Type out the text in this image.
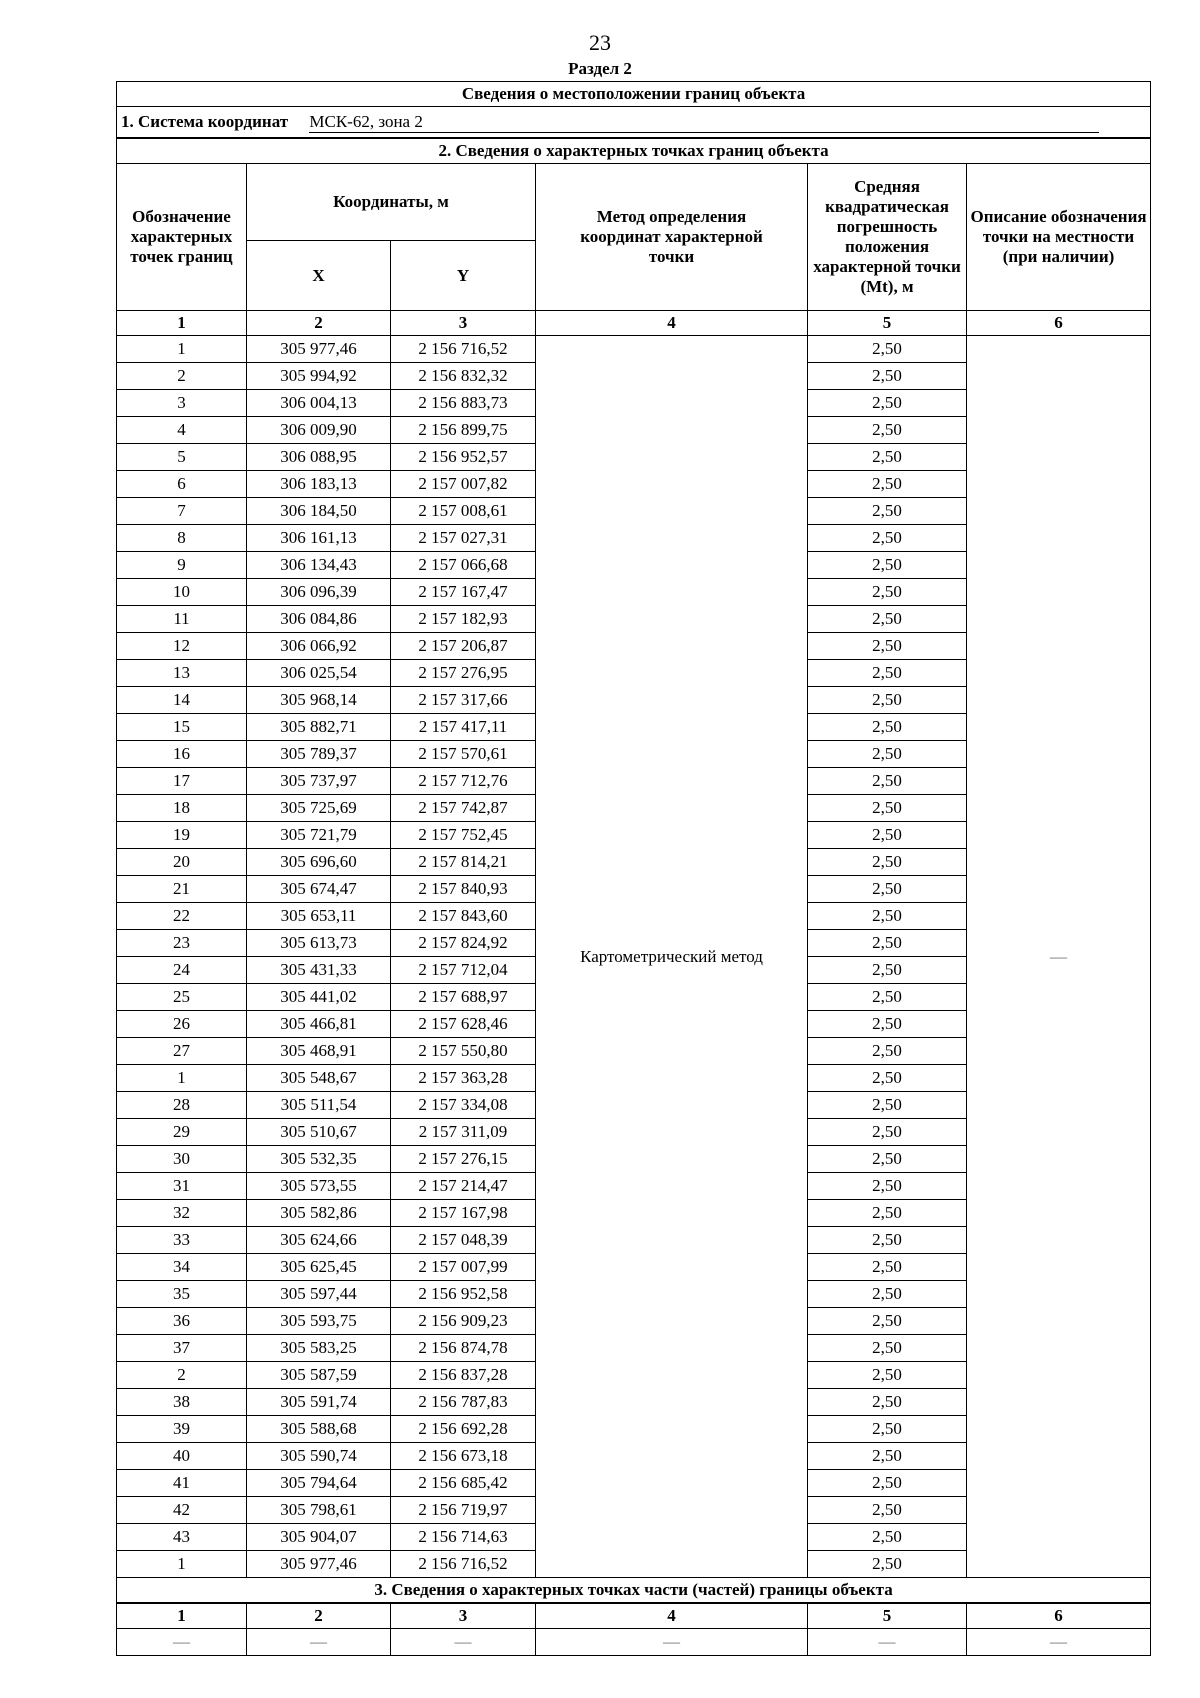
23
Раздел 2
Сведения о местоположении границ объекта					
1. Система координат МСК-62, зона 2					
2. Сведения о характерных точках границ объекта					
Обозначение характерных точек границ	Координаты, м		Метод определения координат характерной точки	Средняя квадратическая погрешность положения характерной точки (Mt), м	Описание обозначения точки на местности (при наличии)
	X	Y			
1	2	3	4	5	6
1	305 977,46	2 156 716,52	Картометрический метод	2,50	—
2	305 994,92	2 156 832,32		2,50	
3	306 004,13	2 156 883,73		2,50	
4	306 009,90	2 156 899,75		2,50	
5	306 088,95	2 156 952,57		2,50	
6	306 183,13	2 157 007,82		2,50	
7	306 184,50	2 157 008,61		2,50	
8	306 161,13	2 157 027,31		2,50	
9	306 134,43	2 157 066,68		2,50	
10	306 096,39	2 157 167,47		2,50	
11	306 084,86	2 157 182,93		2,50	
12	306 066,92	2 157 206,87		2,50	
13	306 025,54	2 157 276,95		2,50	
14	305 968,14	2 157 317,66		2,50	
15	305 882,71	2 157 417,11		2,50	
16	305 789,37	2 157 570,61		2,50	
17	305 737,97	2 157 712,76		2,50	
18	305 725,69	2 157 742,87		2,50	
19	305 721,79	2 157 752,45		2,50	
20	305 696,60	2 157 814,21		2,50	
21	305 674,47	2 157 840,93		2,50	
22	305 653,11	2 157 843,60		2,50	
23	305 613,73	2 157 824,92		2,50	
24	305 431,33	2 157 712,04		2,50	
25	305 441,02	2 157 688,97		2,50	
26	305 466,81	2 157 628,46		2,50	
27	305 468,91	2 157 550,80		2,50	
1	305 548,67	2 157 363,28		2,50	
28	305 511,54	2 157 334,08		2,50	
29	305 510,67	2 157 311,09		2,50	
30	305 532,35	2 157 276,15		2,50	
31	305 573,55	2 157 214,47		2,50	
32	305 582,86	2 157 167,98		2,50	
33	305 624,66	2 157 048,39		2,50	
34	305 625,45	2 157 007,99		2,50	
35	305 597,44	2 156 952,58		2,50	
36	305 593,75	2 156 909,23		2,50	
37	305 583,25	2 156 874,78		2,50	
2	305 587,59	2 156 837,28		2,50	
38	305 591,74	2 156 787,83		2,50	
39	305 588,68	2 156 692,28		2,50	
40	305 590,74	2 156 673,18		2,50	
41	305 794,64	2 156 685,42		2,50	
42	305 798,61	2 156 719,97		2,50	
43	305 904,07	2 156 714,63		2,50	
1	305 977,46	2 156 716,52		2,50	
3. Сведения о характерных точках части (частей) границы объекта					
1	2	3	4	5	6
—	—	—	—	—	—
